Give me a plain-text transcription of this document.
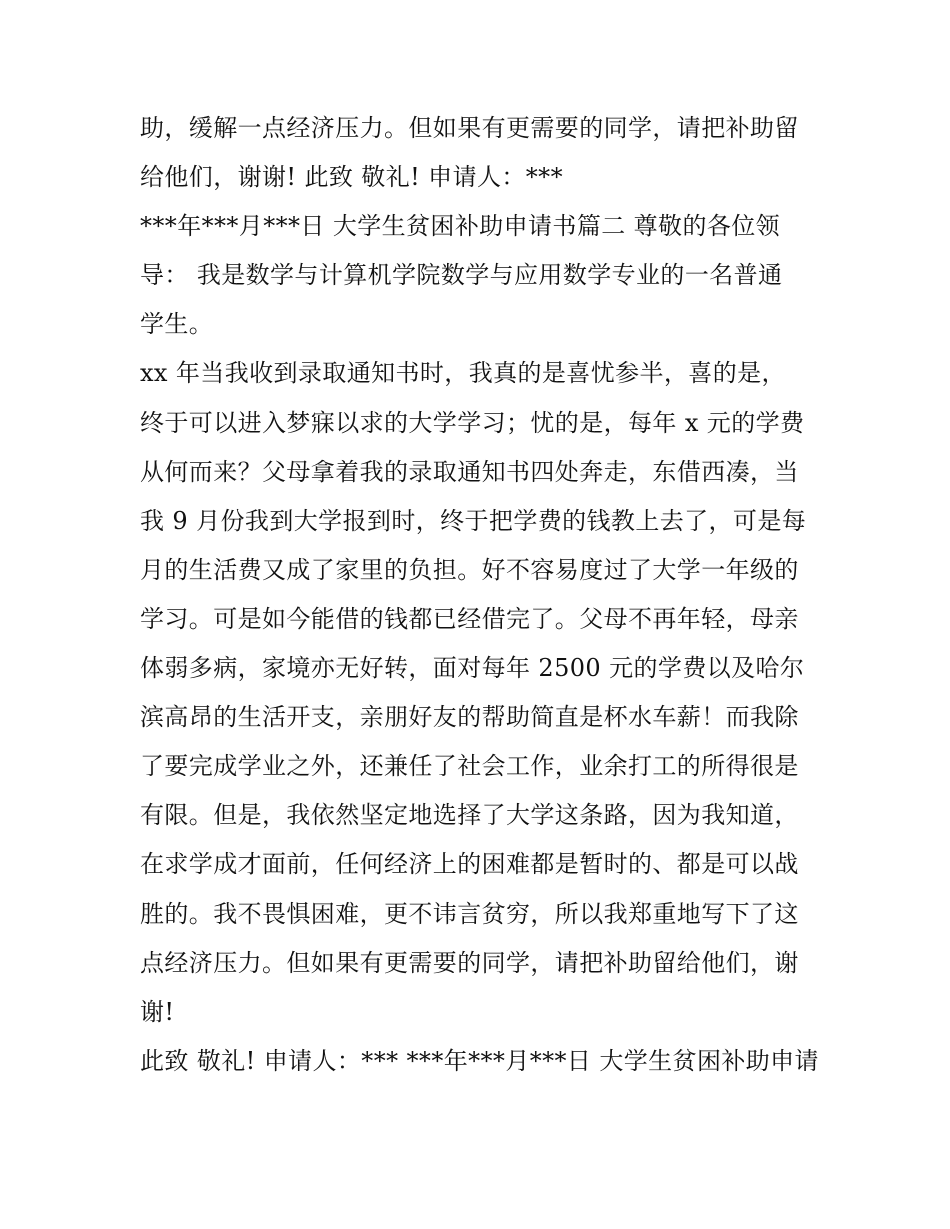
助，缓解一点经济压力。但如果有更需要的同学，请把补助留
给他们，谢谢! 此致 敬礼! 申请人：***
***年***月***日 大学生贫困补助申请书篇二 尊敬的各位领
导： 我是数学与计算机学院数学与应用数学专业的一名普通
学生。
xx 年当我收到录取通知书时，我真的是喜忧参半，喜的是，
终于可以进入梦寐以求的大学学习；忧的是，每年 x 元的学费
从何而来？父母拿着我的录取通知书四处奔走，东借西凑，当
我 9 月份我到大学报到时，终于把学费的钱教上去了，可是每
月的生活费又成了家里的负担。好不容易度过了大学一年级的
学习。可是如今能借的钱都已经借完了。父母不再年轻，母亲
体弱多病，家境亦无好转，面对每年 2500 元的学费以及哈尔
滨高昂的生活开支，亲朋好友的帮助简直是杯水车薪！而我除
了要完成学业之外，还兼任了社会工作，业余打工的所得很是
有限。但是，我依然坚定地选择了大学这条路，因为我知道，
在求学成才面前，任何经济上的困难都是暂时的、都是可以战
胜的。我不畏惧困难，更不讳言贫穷，所以我郑重地写下了这
点经济压力。但如果有更需要的同学，请把补助留给他们，谢
谢!
此致 敬礼! 申请人：*** ***年***月***日 大学生贫困补助申请
